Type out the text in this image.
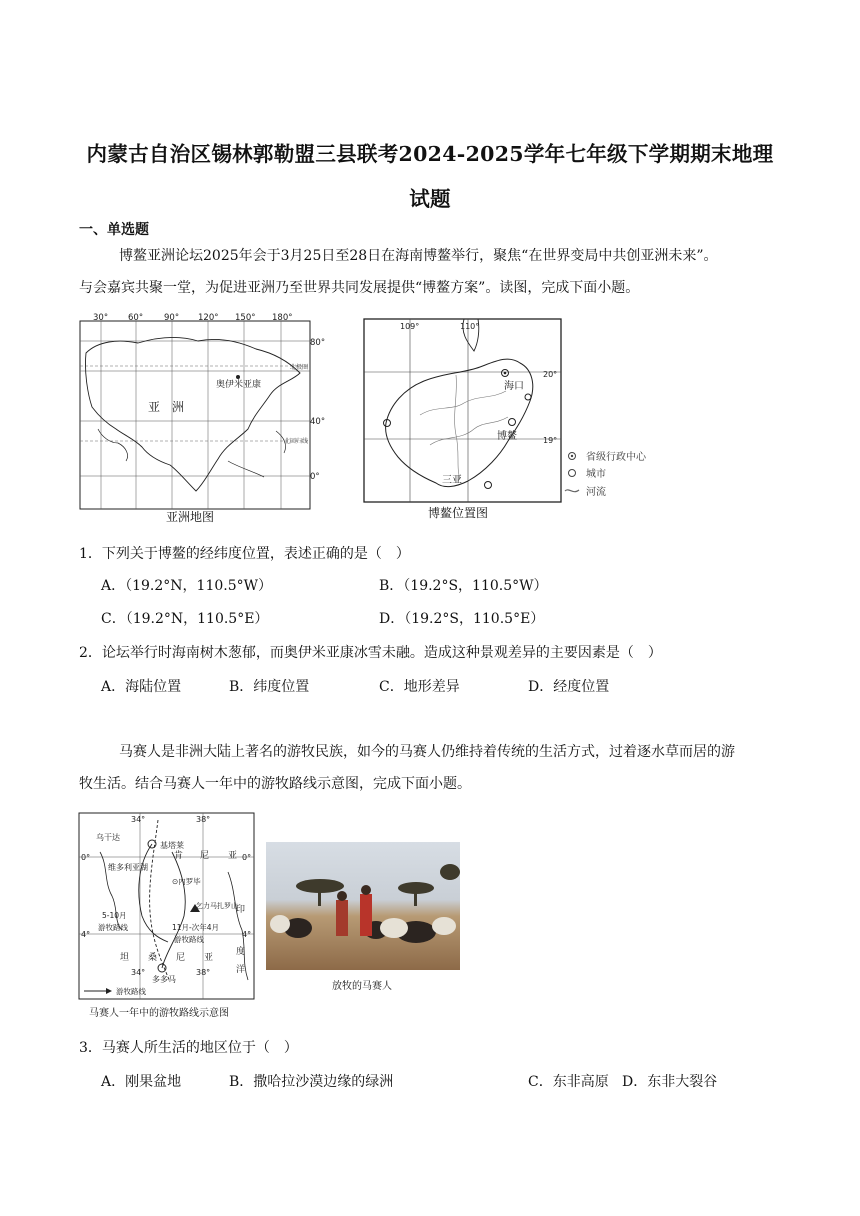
内蒙古自治区锡林郭勒盟三县联考2024-2025学年七年级下学期期末地理
试题
一、单选题
博鳌亚洲论坛2025年会于3月25日至28日在海南博鳌举行，聚焦“在世界变局中共创亚洲未来”。
与会嘉宾共聚一堂，为促进亚洲乃至世界共同发展提供“博鳌方案”。读图，完成下面小题。
30° 60° 90° 120° 150° 180°
80°
40°
0°
亚　洲
奥伊米亚康
北极圈
北回归线
亚洲地图
109°	110°
20°
19°
海口
博鳌
三亚
省级行政中心
城市
河流
博鳌位置图
1．下列关于博鳌的经纬度位置，表述正确的是（　）
A．（19.2°N，110.5°W）	B．（19.2°S，110.5°W）
C．（19.2°N，110.5°E）	D．（19.2°S，110.5°E）
2．论坛举行时海南树木葱郁，而奥伊米亚康冰雪未融。造成这种景观差异的主要因素是（　）
A．海陆位置	B．纬度位置	C．地形差异	D．经度位置
马赛人是非洲大陆上著名的游牧民族，如今的马赛人仍维持着传统的生活方式，过着逐水草而居的游
牧生活。结合马赛人一年中的游牧路线示意图，完成下面小题。
34°	38°
0°	0°
4°	4°
34°	38°
乌干达
基塔莱
肯 尼 亚
维多利亚湖
⊙内罗毕
乞力马扎罗山
5-10月
游牧路线	11月-次年4月
游牧路线
坦 桑 尼 亚
多多马
印
度
洋
游牧路线
马赛人一年中的游牧路线示意图
放牧的马赛人
3．马赛人所生活的地区位于（　）
A．刚果盆地	B．撒哈拉沙漠边缘的绿洲	C．东非高原 D．东非大裂谷
